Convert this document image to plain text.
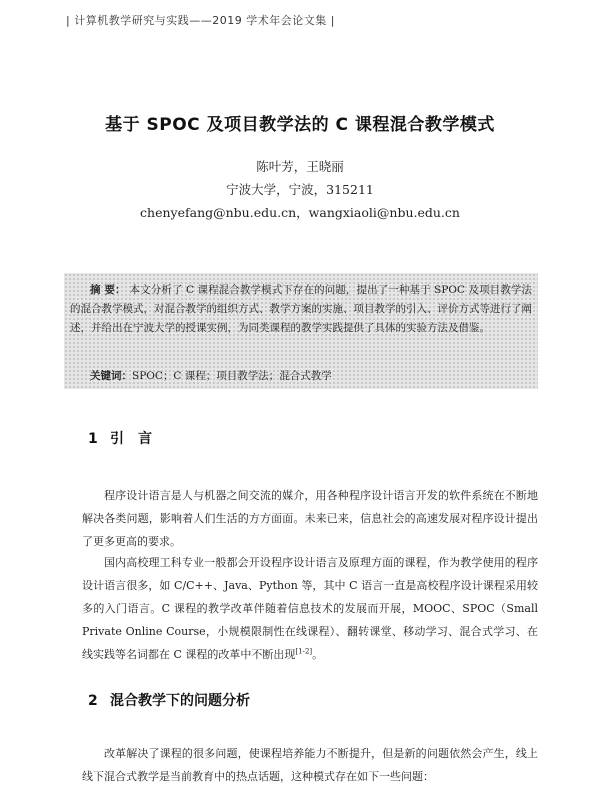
| 计算机教学研究与实践——2019 学术年会论文集 |
基于 SPOC 及项目教学法的 C 课程混合教学模式
陈叶芳，王晓丽
宁波大学，宁波，315211
chenyefang@nbu.edu.cn，wangxiaoli@nbu.edu.cn
摘 要： 本文分析了 C 课程混合教学模式下存在的问题，提出了一种基于 SPOC 及项目教学法的混合教学模式，对混合教学的组织方式、教学方案的实施、项目教学的引入、评价方式等进行了阐述，并给出在宁波大学的授课实例，为同类课程的教学实践提供了具体的实验方法及借鉴。
关键词：SPOC；C 课程；项目教学法；混合式教学
1 引　言

程序设计语言是人与机器之间交流的媒介，用各种程序设计语言开发的软件系统在不断地解决各类问题，影响着人们生活的方方面面。未来已来，信息社会的高速发展对程序设计提出了更多更高的要求。

国内高校理工科专业一般都会开设程序设计语言及原理方面的课程，作为教学使用的程序设计语言很多，如 C/C++、Java、Python 等，其中 C 语言一直是高校程序设计课程采用较多的入门语言。C 课程的教学改革伴随着信息技术的发展而开展，MOOC、SPOC（Small Private Online Course，小规模限制性在线课程）、翻转课堂、移动学习、混合式学习、在线实践等名词都在 C 课程的改革中不断出现[1-2]。

2 混合教学下的问题分析

改革解决了课程的很多问题，使课程培养能力不断提升，但是新的问题依然会产生，线上线下混合式教学是当前教育中的热点话题，这种模式存在如下一些问题：
